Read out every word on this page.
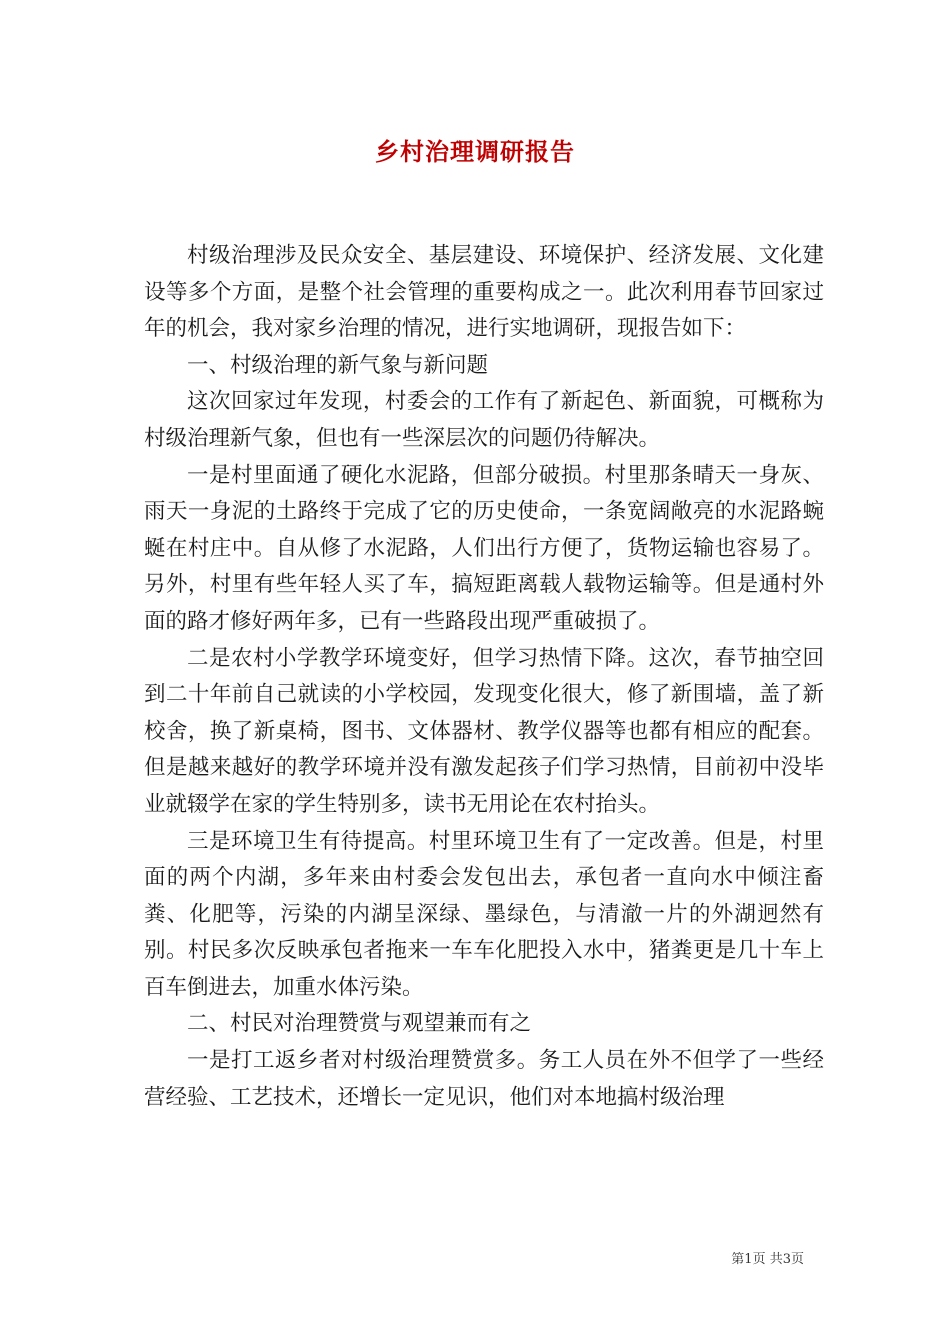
乡村治理调研报告

村级治理涉及民众安全、基层建设、环境保护、经济发展、文化建设等多个方面，是整个社会管理的重要构成之一。此次利用春节回家过年的机会，我对家乡治理的情况，进行实地调研，现报告如下：

一、村级治理的新气象与新问题

这次回家过年发现，村委会的工作有了新起色、新面貌，可概称为村级治理新气象，但也有一些深层次的问题仍待解决。

一是村里面通了硬化水泥路，但部分破损。村里那条晴天一身灰、雨天一身泥的土路终于完成了它的历史使命，一条宽阔敞亮的水泥路蜿蜒在村庄中。自从修了水泥路，人们出行方便了，货物运输也容易了。另外，村里有些年轻人买了车，搞短距离载人载物运输等。但是通村外面的路才修好两年多，已有一些路段出现严重破损了。

二是农村小学教学环境变好，但学习热情下降。这次，春节抽空回到二十年前自己就读的小学校园，发现变化很大，修了新围墙，盖了新校舍，换了新桌椅，图书、文体器材、教学仪器等也都有相应的配套。但是越来越好的教学环境并没有激发起孩子们学习热情，目前初中没毕业就辍学在家的学生特别多，读书无用论在农村抬头。

三是环境卫生有待提高。村里环境卫生有了一定改善。但是，村里面的两个内湖，多年来由村委会发包出去，承包者一直向水中倾注畜粪、化肥等，污染的内湖呈深绿、墨绿色，与清澈一片的外湖迥然有别。村民多次反映承包者拖来一车车化肥投入水中，猪粪更是几十车上百车倒进去，加重水体污染。

二、村民对治理赞赏与观望兼而有之

一是打工返乡者对村级治理赞赏多。务工人员在外不但学了一些经营经验、工艺技术，还增长一定见识，他们对本地搞村级治理

第1页 共3页
